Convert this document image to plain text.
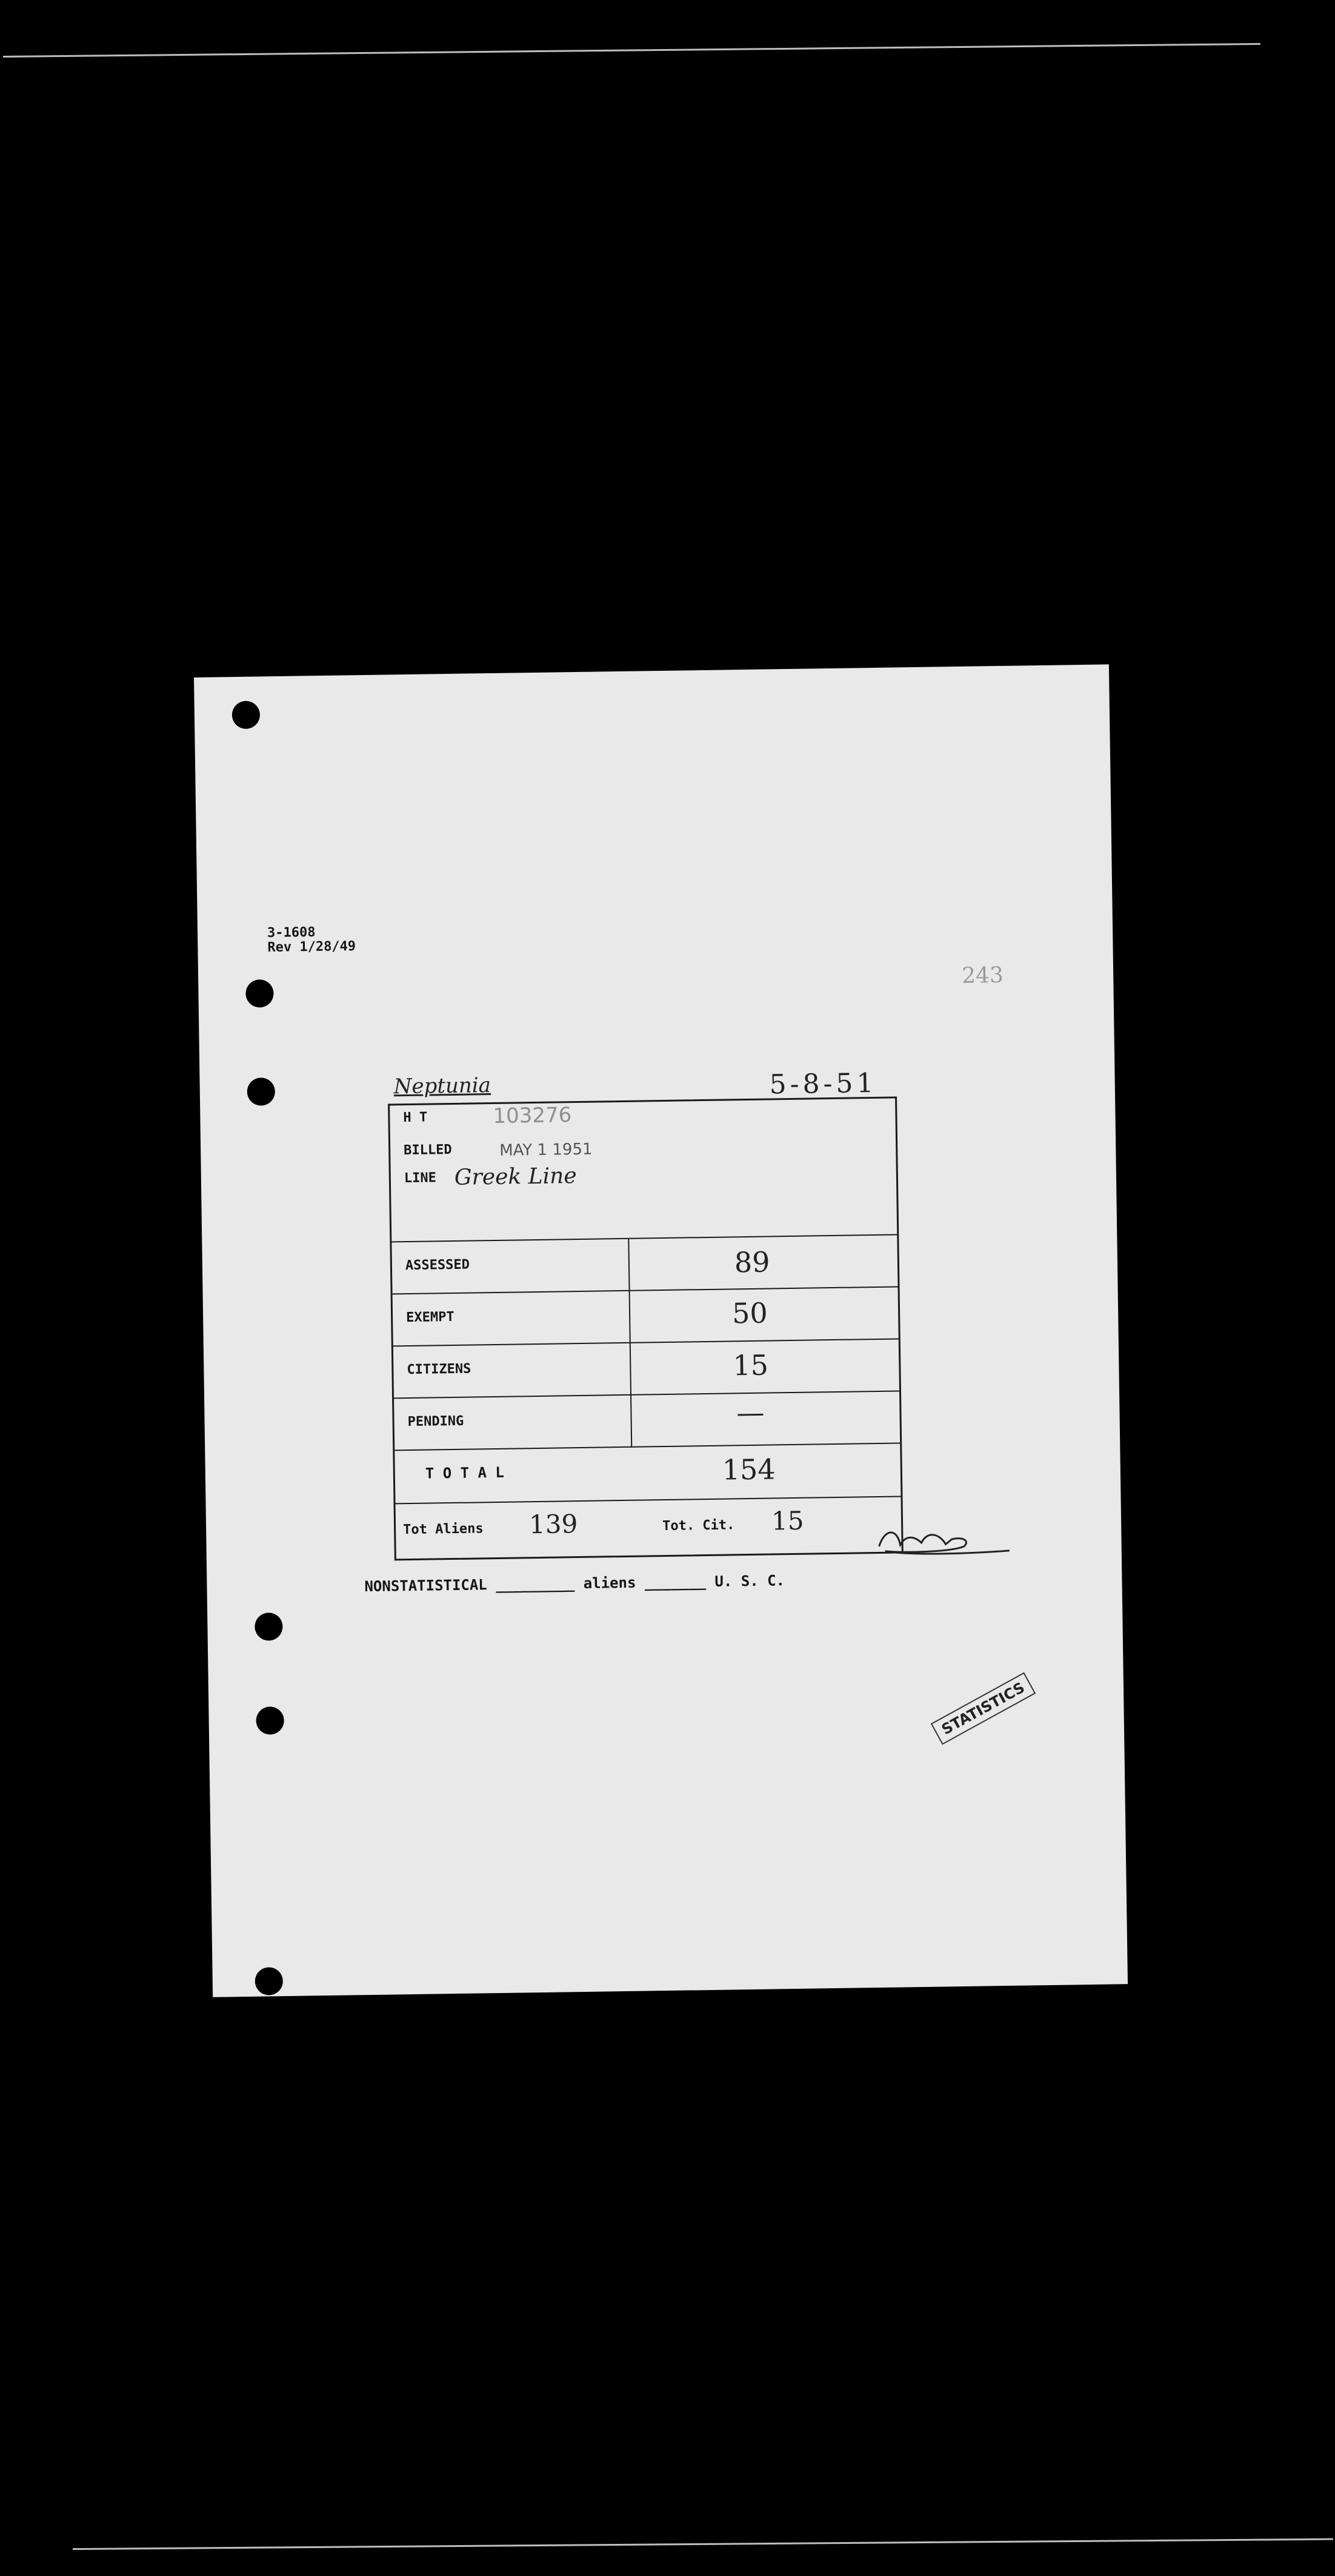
3-1608
Rev 1/28/49
243
Neptunia	5-8-51
H T	103276
BILLED	MAY 1 1951
LINE Greek Line
ASSESSED	89
EXEMPT	50
CITIZENS	15
PENDING	—
T O T A L	154
Tot Aliens 139	Tot. Cit. 15
NONSTATISTICAL _________ aliens _______ U. S. C.
STATISTICS
